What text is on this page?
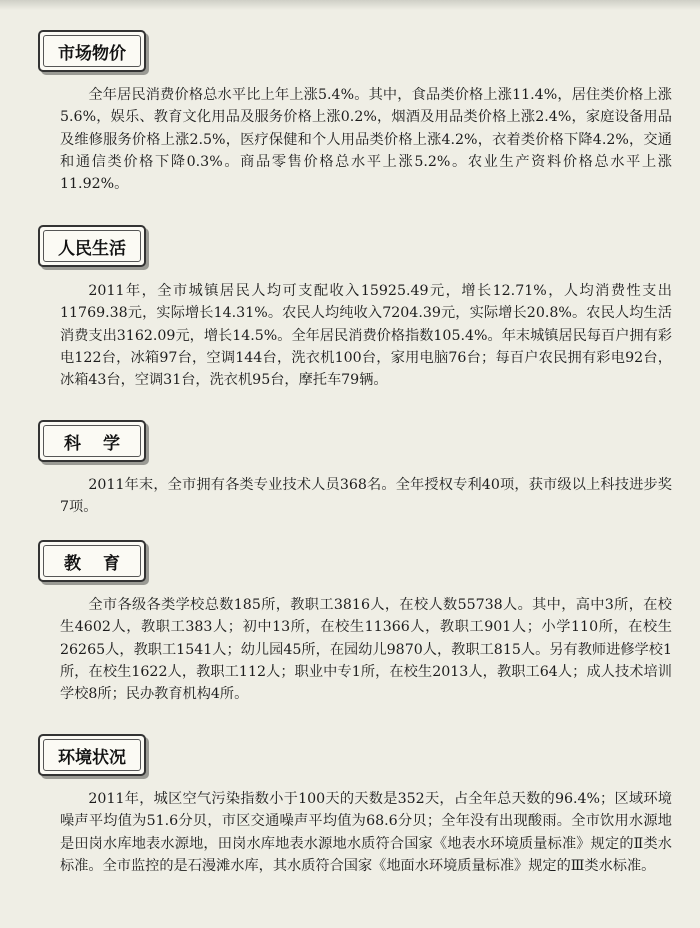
市场物价

全年居民消费价格总水平比上年上涨5.4%。其中，食品类价格上涨11.4%，居住类价格上涨5.6%，娱乐、教育文化用品及服务价格上涨0.2%，烟酒及用品类价格上涨2.4%，家庭设备用品及维修服务价格上涨2.5%，医疗保健和个人用品类价格上涨4.2%，衣着类价格下降4.2%，交通和通信类价格下降0.3%。商品零售价格总水平上涨5.2%。农业生产资料价格总水平上涨11.92%。

人民生活

2011年，全市城镇居民人均可支配收入15925.49元，增长12.71%，人均消费性支出11769.38元，实际增长14.31%。农民人均纯收入7204.39元，实际增长20.8%。农民人均生活消费支出3162.09元，增长14.5%。全年居民消费价格指数105.4%。年末城镇居民每百户拥有彩电122台，冰箱97台，空调144台，洗衣机100台，家用电脑76台；每百户农民拥有彩电92台，冰箱43台，空调31台，洗衣机95台，摩托车79辆。

科学

2011年末，全市拥有各类专业技术人员368名。全年授权专利40项，获市级以上科技进步奖7项。

教育

全市各级各类学校总数185所，教职工3816人，在校人数55738人。其中，高中3所，在校生4602人，教职工383人；初中13所，在校生11366人，教职工901人；小学110所，在校生26265人，教职工1541人；幼儿园45所，在园幼儿9870人，教职工815人。另有教师进修学校1所，在校生1622人，教职工112人；职业中专1所，在校生2013人，教职工64人；成人技术培训学校8所；民办教育机构4所。

环境状况

2011年，城区空气污染指数小于100天的天数是352天，占全年总天数的96.4%；区域环境噪声平均值为51.6分贝，市区交通噪声平均值为68.6分贝；全年没有出现酸雨。全市饮用水源地是田岗水库地表水源地，田岗水库地表水源地水质符合国家《地表水环境质量标准》规定的Ⅱ类水标准。全市监控的是石漫滩水库，其水质符合国家《地面水环境质量标准》规定的Ⅲ类水标准。
